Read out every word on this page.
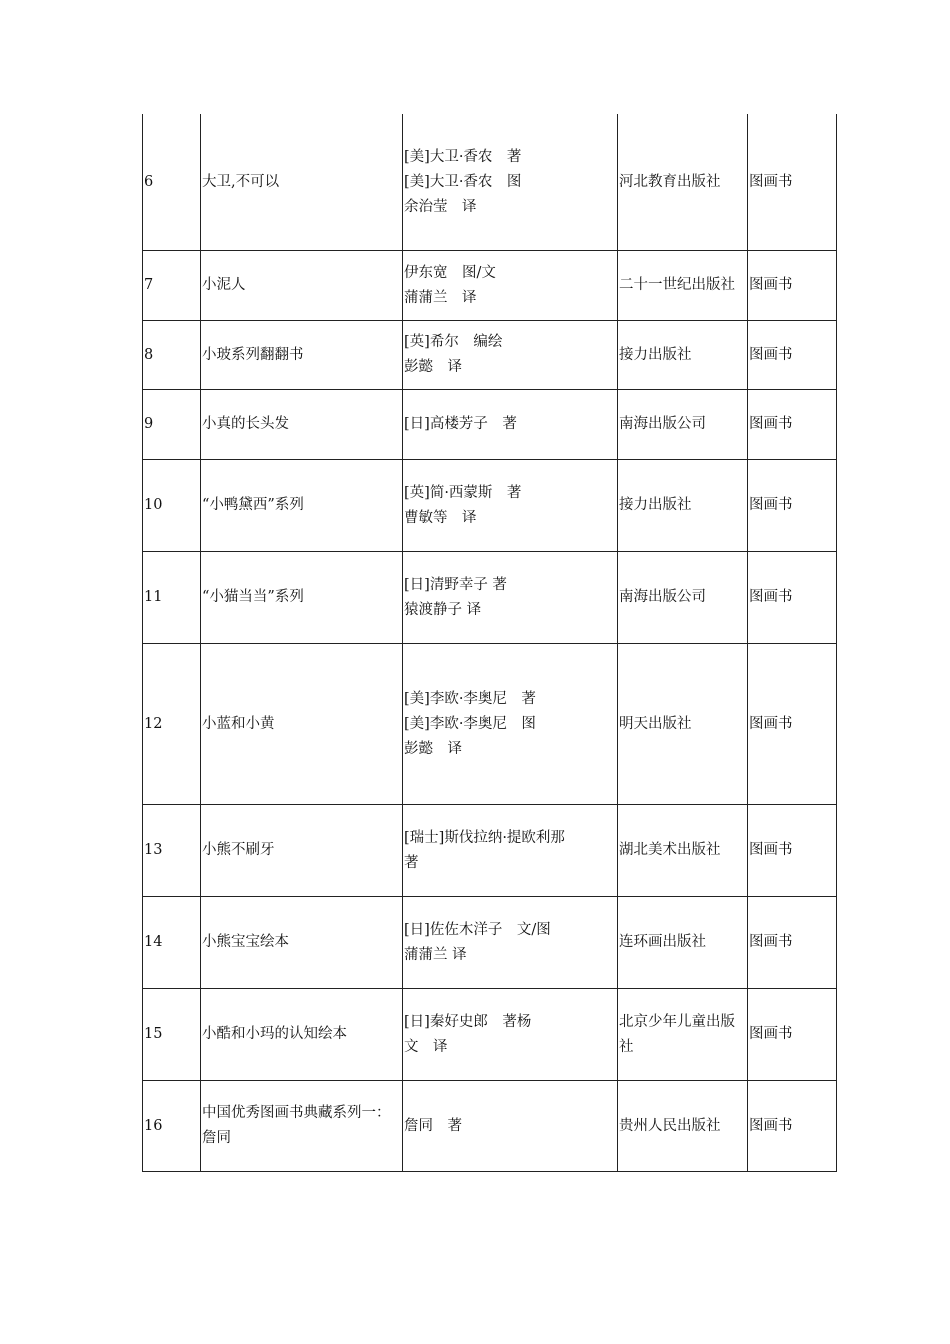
6	大卫,不可以	[美]大卫·香农　著
[美]大卫·香农　图
余治莹　译	河北教育出版社	图画书
7	小泥人	伊东宽　图/文
蒲蒲兰　译	二十一世纪出版社	图画书
8	小玻系列翻翻书	[英]希尔　编绘
彭懿　译	接力出版社	图画书
9	小真的长头发	[日]高楼芳子　著	南海出版公司	图画书
10	“小鸭黛西”系列	[英]简·西蒙斯　著
曹敏等　译	接力出版社	图画书
11	“小猫当当”系列	[日]清野幸子 著
猿渡静子 译	南海出版公司	图画书
12	小蓝和小黄	[美]李欧·李奥尼　著
[美]李欧·李奥尼　图
彭懿　译	明天出版社	图画书
13	小熊不刷牙	[瑞士]斯伐拉纳·提欧利那
著	湖北美术出版社	图画书
14	小熊宝宝绘本	[日]佐佐木洋子　文/图
蒲蒲兰 译	连环画出版社	图画书
15	小酷和小玛的认知绘本	[日]秦好史郎　著杨
文　译	北京少年儿童出版社	图画书
16	中国优秀图画书典藏系列一：詹同	詹同　著	贵州人民出版社	图画书
